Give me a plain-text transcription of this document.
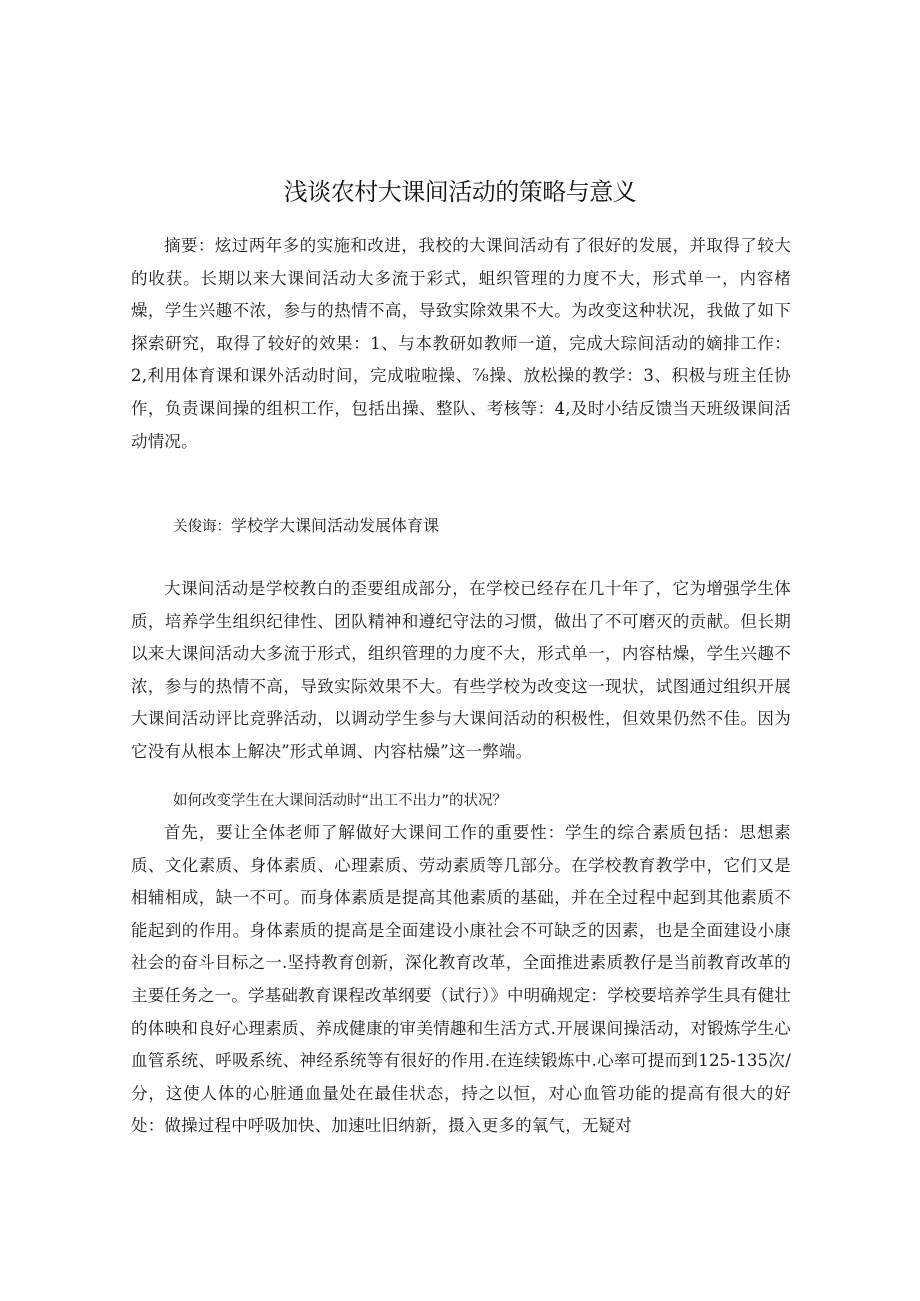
浅谈农村大课间活动的策略与意义

摘要：炫过两年多的实施和改进，我校的大课间活动有了很好的发展，并取得了较大的收获。长期以来大课间活动大多流于彩式，蛆织管理的力度不大，形式单一，内容楮燥，学生兴趣不浓，参与的热情不高，导致实除效果不大。为改变这种状况，我做了如下探索研究，取得了较好的效果：1、与本教研如教师一道，完成大琮间活动的嫡排工作：2,利用体育课和课外活动时间，完成啦啦操、⅞操、放松操的教学：3、积极与班主任协作，负责课间操的组枳工作，包括出操、整队、考核等：4,及时小结反馈当天班级课间活动情况。

关俊诲：学校学大课间活动发展体育课

大课间活动是学校教白的歪要组成部分，在学校已经存在几十年了，它为增强学生体质，培养学生组织纪律性、团队精神和遵纪守法的习惯，做出了不可磨灭的贡献。但长期以来大课间活动大多流于形式，组织管理的力度不大，形式单一，内容枯燥，学生兴趣不浓，参与的热情不高，导致实际效果不大。有些学校为改变这一现状，试图通过组织开展大课间活动评比竞骅活动，以调动学生参与大课间活动的积极性，但效果仍然不佳。因为它没有从根本上解决”形式单调、内容枯燥”这一弊端。

如何改变学生在大课间活动时“出工不出力”的状况？

首先，要让全体老师了解做好大课间工作的重要性：学生的综合素质包括：思想素质、文化素质、身体素质、心理素质、劳动素质等几部分。在学校教育教学中，它们又是相辅相成，缺一不可。而身体素质是提高其他素质的基础，并在全过程中起到其他素质不能起到的作用。身体素质的提高是全面建设小康社会不可缺乏的因素，也是全面建设小康社会的奋斗目标之一.坚持教育创新，深化教育改革，全面推进素质教仔是当前教育改革的主要任务之一。学基础教育课程改革纲要（试行）》中明确规定：学校要培养学生具有健壮的体映和良好心理素质、养成健康的审美情趣和生活方式.开展课间操活动，对锻炼学生心血管系统、呼吸系统、神经系统等有很好的作用.在连续锻炼中.心率可提而到125-135次/分，这使人体的心脏通血量处在最佳状态，持之以恒，对心血管功能的提高有很大的好处：做操过程中呼吸加快、加速吐旧纳新，摄入更多的氧气，无疑对
